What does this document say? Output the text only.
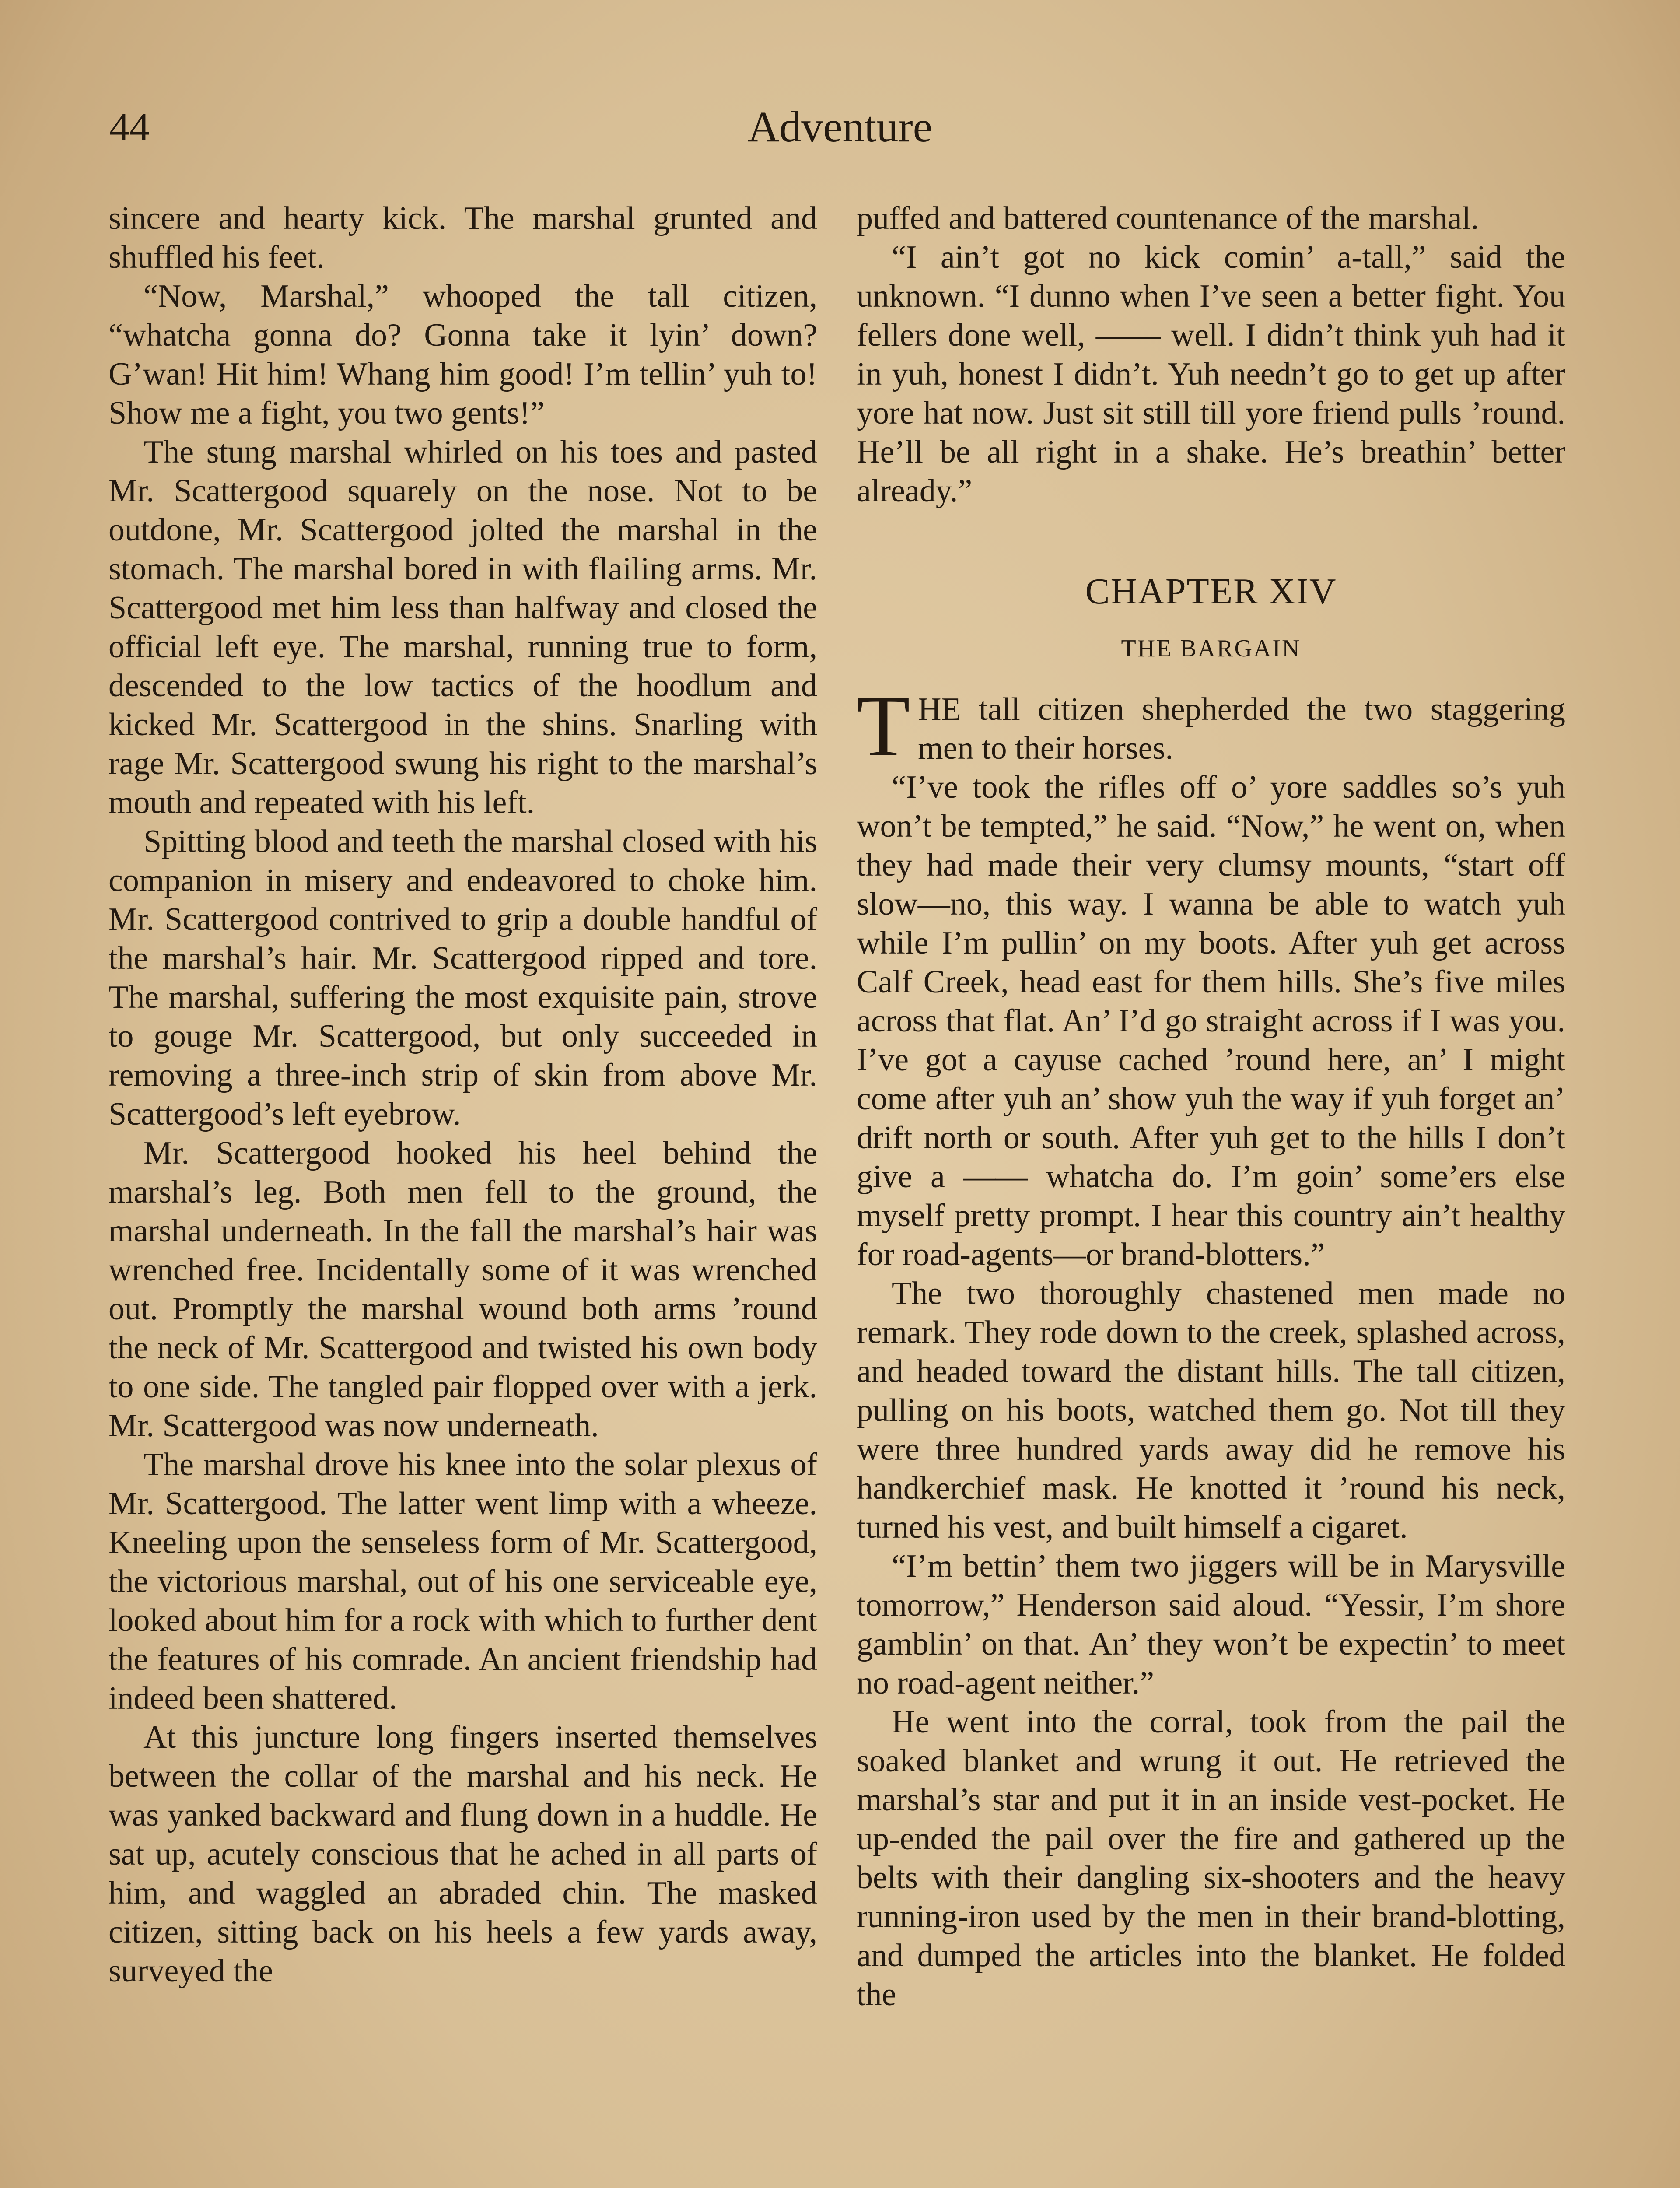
44	Adventure

sincere and hearty kick. The marshal grunted and shuffled his feet.

“Now, Marshal,” whooped the tall citizen, “whatcha gonna do? Gonna take it lyin’ down? G’wan! Hit him! Whang him good! I’m tellin’ yuh to! Show me a fight, you two gents!”

The stung marshal whirled on his toes and pasted Mr. Scattergood squarely on the nose. Not to be outdone, Mr. Scattergood jolted the marshal in the stomach. The marshal bored in with flailing arms. Mr. Scattergood met him less than halfway and closed the official left eye. The marshal, running true to form, descended to the low tactics of the hoodlum and kicked Mr. Scattergood in the shins. Snarling with rage Mr. Scattergood swung his right to the marshal’s mouth and repeated with his left.

Spitting blood and teeth the marshal closed with his companion in misery and endeavored to choke him. Mr. Scattergood contrived to grip a double handful of the marshal’s hair. Mr. Scattergood ripped and tore. The marshal, suffering the most exquisite pain, strove to gouge Mr. Scattergood, but only succeeded in removing a three-inch strip of skin from above Mr. Scattergood’s left eyebrow.

Mr. Scattergood hooked his heel behind the marshal’s leg. Both men fell to the ground, the marshal underneath. In the fall the marshal’s hair was wrenched free. Incidentally some of it was wrenched out. Promptly the marshal wound both arms ’round the neck of Mr. Scattergood and twisted his own body to one side. The tangled pair flopped over with a jerk. Mr. Scattergood was now underneath.

The marshal drove his knee into the solar plexus of Mr. Scattergood. The latter went limp with a wheeze. Kneeling upon the senseless form of Mr. Scattergood, the victorious marshal, out of his one serviceable eye, looked about him for a rock with which to further dent the features of his comrade. An ancient friendship had indeed been shattered.

At this juncture long fingers inserted themselves between the collar of the marshal and his neck. He was yanked backward and flung down in a huddle. He sat up, acutely conscious that he ached in all parts of him, and waggled an abraded chin. The masked citizen, sitting back on his heels a few yards away, surveyed the

puffed and battered countenance of the marshal.

“I ain’t got no kick comin’ a-tall,” said the unknown. “I dunno when I’ve seen a better fight. You fellers done well, —— well. I didn’t think yuh had it in yuh, honest I didn’t. Yuh needn’t go to get up after yore hat now. Just sit still till yore friend pulls ’round. He’ll be all right in a shake. He’s breathin’ better already.”

CHAPTER XIV
THE BARGAIN

THE tall citizen shepherded the two staggering men to their horses.

“I’ve took the rifles off o’ yore saddles so’s yuh won’t be tempted,” he said. “Now,” he went on, when they had made their very clumsy mounts, “start off slow—no, this way. I wanna be able to watch yuh while I’m pullin’ on my boots. After yuh get across Calf Creek, head east for them hills. She’s five miles across that flat. An’ I’d go straight across if I was you. I’ve got a cayuse cached ’round here, an’ I might come after yuh an’ show yuh the way if yuh forget an’ drift north or south. After yuh get to the hills I don’t give a —— whatcha do. I’m goin’ some’ers else myself pretty prompt. I hear this country ain’t healthy for road-agents—or brand-blotters.”

The two thoroughly chastened men made no remark. They rode down to the creek, splashed across, and headed toward the distant hills. The tall citizen, pulling on his boots, watched them go. Not till they were three hundred yards away did he remove his handkerchief mask. He knotted it ’round his neck, turned his vest, and built himself a cigaret.

“I’m bettin’ them two jiggers will be in Marysville tomorrow,” Henderson said aloud. “Yessir, I’m shore gamblin’ on that. An’ they won’t be expectin’ to meet no road-agent neither.”

He went into the corral, took from the pail the soaked blanket and wrung it out. He retrieved the marshal’s star and put it in an inside vest-pocket. He up-ended the pail over the fire and gathered up the belts with their dangling six-shooters and the heavy running-iron used by the men in their brand-blotting, and dumped the articles into the blanket. He folded the
